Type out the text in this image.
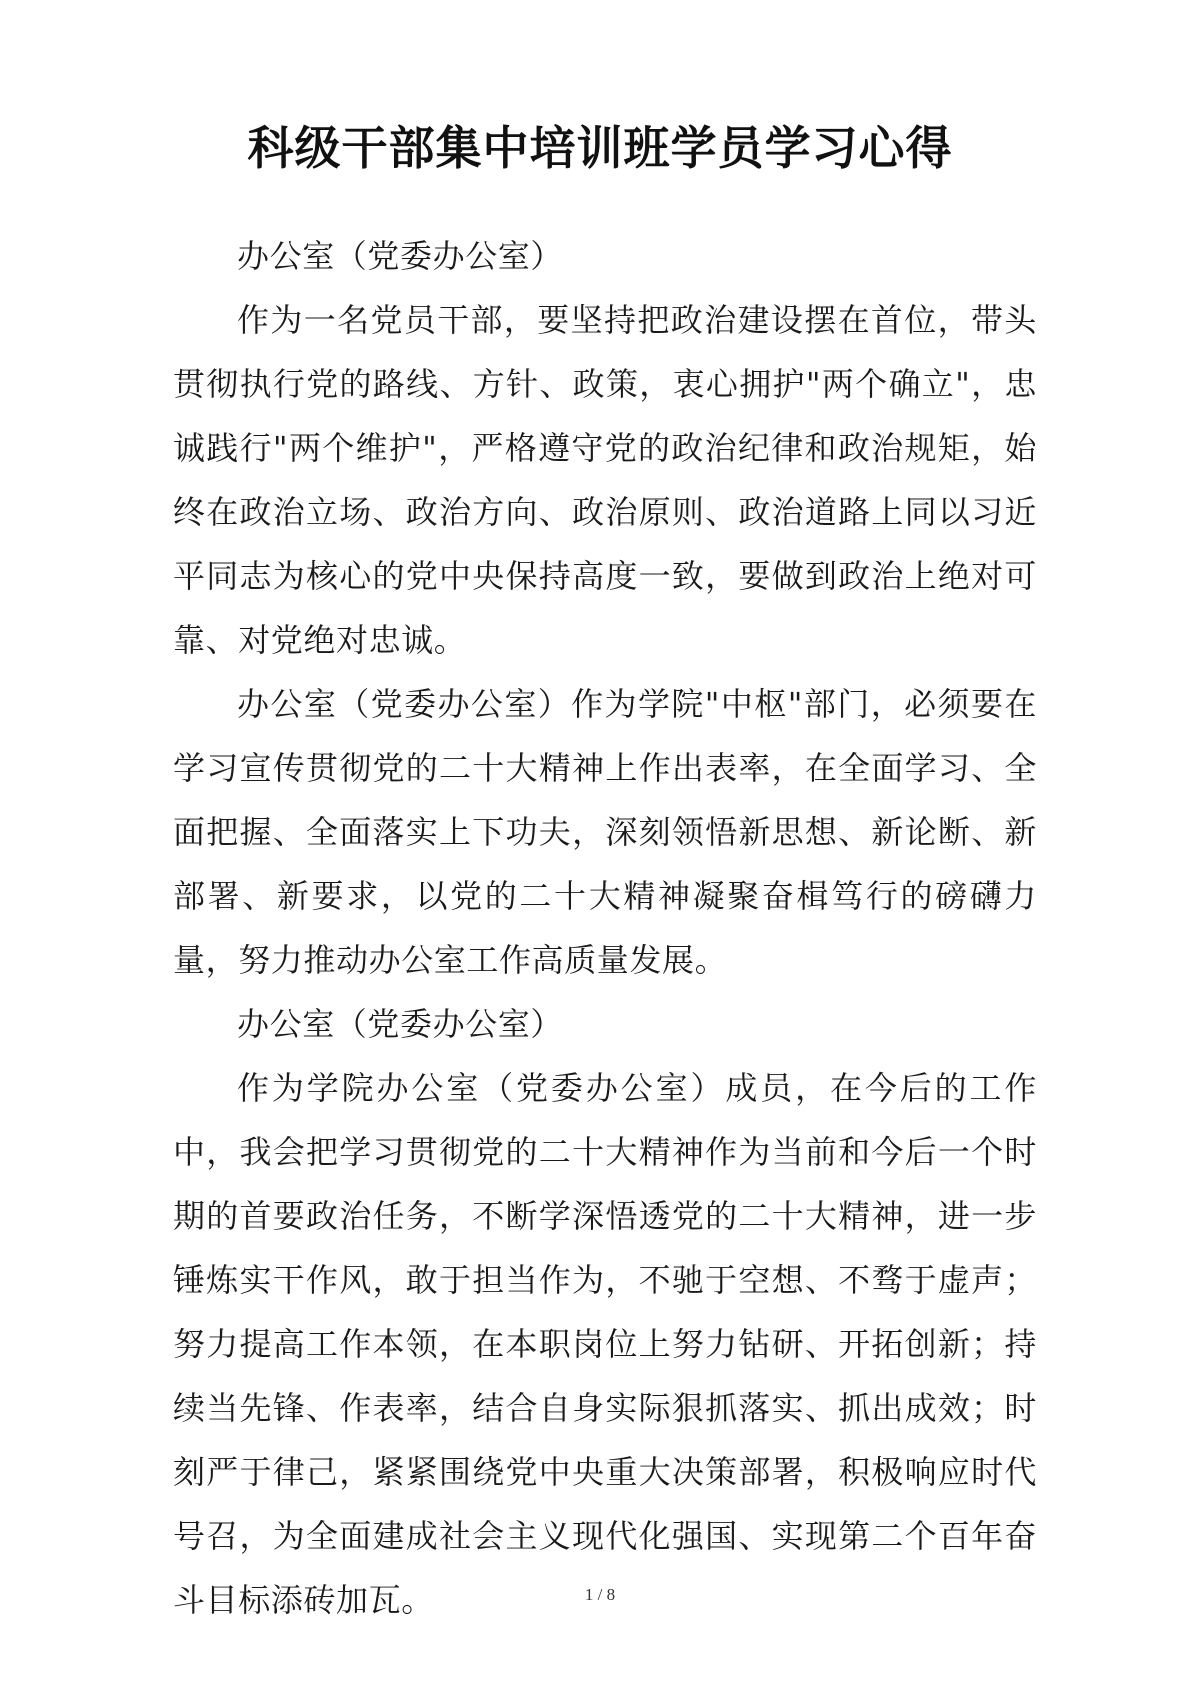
科级干部集中培训班学员学习心得

办公室（党委办公室）

作为一名党员干部，要坚持把政治建设摆在首位，带头贯彻执行党的路线、方针、政策，衷心拥护"两个确立"，忠诚践行"两个维护"，严格遵守党的政治纪律和政治规矩，始终在政治立场、政治方向、政治原则、政治道路上同以习近平同志为核心的党中央保持高度一致，要做到政治上绝对可靠、对党绝对忠诚。

办公室（党委办公室）作为学院"中枢"部门，必须要在学习宣传贯彻党的二十大精神上作出表率，在全面学习、全面把握、全面落实上下功夫，深刻领悟新思想、新论断、新部署、新要求，以党的二十大精神凝聚奋楫笃行的磅礴力量，努力推动办公室工作高质量发展。

办公室（党委办公室）

作为学院办公室（党委办公室）成员，在今后的工作中，我会把学习贯彻党的二十大精神作为当前和今后一个时期的首要政治任务，不断学深悟透党的二十大精神，进一步锤炼实干作风，敢于担当作为，不驰于空想、不骛于虚声；努力提高工作本领，在本职岗位上努力钻研、开拓创新；持续当先锋、作表率，结合自身实际狠抓落实、抓出成效；时刻严于律己，紧紧围绕党中央重大决策部署，积极响应时代号召，为全面建成社会主义现代化强国、实现第二个百年奋斗目标添砖加瓦。	1 / 8
